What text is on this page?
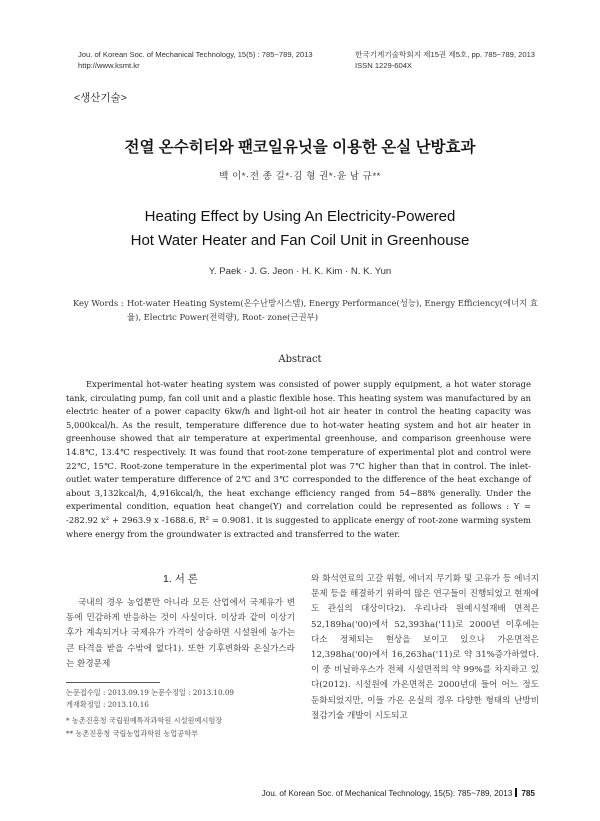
Jou. of Korean Soc. of Mechanical Technology, 15(5) : 785~789, 2013
http://www.ksmt.kr
한국기계기술학회지 제15권 제5호, pp. 785~789, 2013
ISSN 1229-604X
<생산기술>
전열 온수히터와 팬코일유닛을 이용한 온실 난방효과
백 이*·전 종 길*·김 형 권*·윤 남 규**
Heating Effect by Using An Electricity-Powered
Hot Water Heater and Fan Coil Unit in Greenhouse
Y. Paek · J. G. Jeon · H. K. Kim · N. K. Yun
Key Words : Hot-water Heating System(온수난방시스템), Energy Performance(성능), Energy Efficiency(에너지 효율), Electric Power(전력량), Root- zone(근권부)
Abstract
Experimental hot-water heating system was consisted of power supply equipment, a hot water storage tank, circulating pump, fan coil unit and a plastic flexible hose. This heating system was manufactured by an electric heater of a power capacity 6kw/h and light-oil hot air heater in control the heating capacity was 5,000kcal/h. As the result, temperature difference due to hot-water heating system and hot air heater in greenhouse showed that air temperature at experimental greenhouse, and comparison greenhouse were 14.8℃, 13.4℃ respectively. It was found that root-zone temperature of experimental plot and control were 22℃, 15℃. Root-zone temperature in the experimental plot was 7℃ higher than that in control. The inlet-outlet water temperature difference of 2℃ and 3℃ corresponded to the difference of the heat exchange of about 3,132kcal/h, 4,916kcal/h, the heat exchange efficiency ranged from 54~88% generally. Under the experimental condition, equation heat change(Y) and correlation could be represented as follows : Y = -282.92 x² + 2963.9 x -1688.6, R² = 0.9081. it is suggested to applicate energy of root-zone warming system where energy from the groundwater is extracted and transferred to the water.
1. 서 론
국내의 경우 농업뿐만 아니라 모든 산업에서 국제유가 변동에 민감하게 반응하는 것이 사실이다. 이상과 같이 이상기후가 계속되거나 국제유가 가격이 상승하면 시설원에 농가는 큰 타격을 받을 수밖에 없다1). 또한 기후변화와 온실가스라는 환경문제
논문접수일 : 2013.09.19 논문수정일 : 2013.10.09
게재확정일 : 2013.10.16
* 농촌진흥청 국립원예특작과학원 시설원예시험장
** 농촌진흥청 국립농업과학원 농업공학부
와 화석연료의 고갈 위험, 에너지 무기화 및 고유가 등 에너지문제 등을 해결하기 위하여 많은 연구들이 진행되었고 현재에도 관심의 대상이다2). 우리나라 원예시설재배 면적은 52,189ha('00)에서 52,393ha('11)로 2000년 이후에는 다소 정체되는 현상을 보이고 있으나 가온면적은 12,398ha('00)에서 16,263ha('11)로 약 31%증가하였다. 이 중 비닐하우스가 전체 시설면적의 약 99%를 차지하고 있다(2012). 시설원에 가온면적은 2000년대 들어 어느 정도 둔화되었지만, 이들 가온 온실의 경우 다양한 형태의 난방비 절감기술 개발이 시도되고
Jou. of Korean Soc. of Mechanical Technology, 15(5): 785~789, 2013 785
